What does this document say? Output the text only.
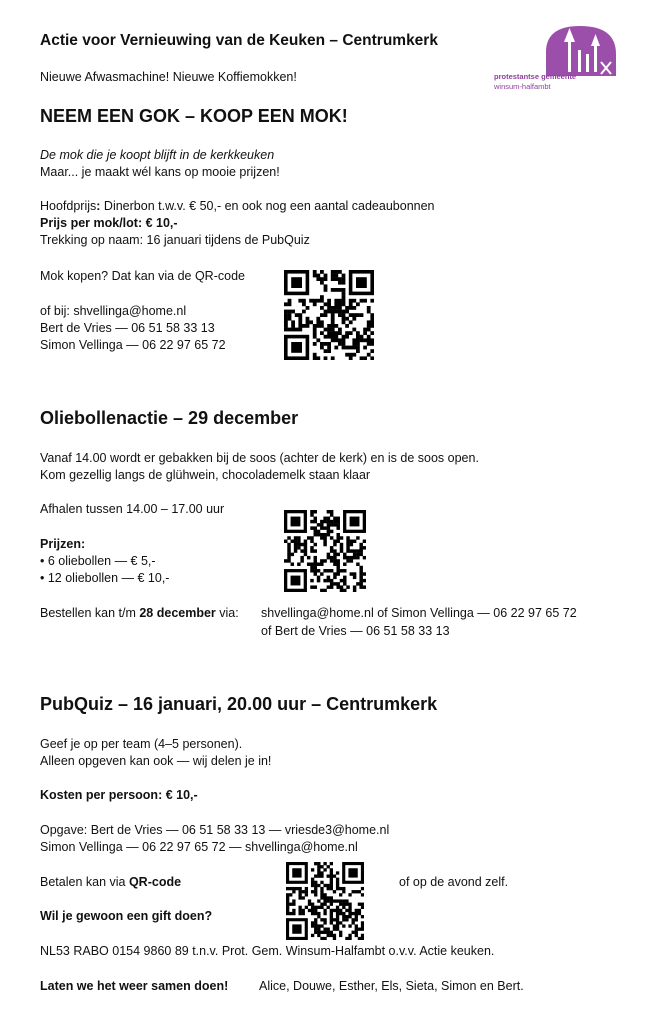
protestantse gemeente
winsum-halfambt
Actie voor Vernieuwing van de Keuken – Centrumkerk
Nieuwe Afwasmachine! Nieuwe Koffiemokken!
NEEM EEN GOK – KOOP EEN MOK!
De mok die je koopt blijft in de kerkkeuken
Maar... je maakt wél kans op mooie prijzen!
Hoofdprijs: Dinerbon t.w.v. € 50,- en ook nog een aantal cadeaubonnen
Prijs per mok/lot: € 10,-
Trekking op naam: 16 januari tijdens de PubQuiz
Mok kopen? Dat kan via de QR-code
of bij: shvellinga@home.nl
Bert de Vries — 06 51 58 33 13
Simon Vellinga — 06 22 97 65 72
Oliebollenactie – 29 december
Vanaf 14.00 wordt er gebakken bij de soos (achter de kerk) en is de soos open.
Kom gezellig langs de glühwein, chocolademelk staan klaar
Afhalen tussen 14.00 – 17.00 uur
Prijzen:
• 6 oliebollen — € 5,-
• 12 oliebollen — € 10,-
Bestellen kan t/m 28 december via: shvellinga@home.nl of Simon Vellinga — 06 22 97 65 72
of Bert de Vries — 06 51 58 33 13
PubQuiz – 16 januari, 20.00 uur – Centrumkerk
Geef je op per team (4–5 personen).
Alleen opgeven kan ook — wij delen je in!
Kosten per persoon: € 10,-
Opgave: Bert de Vries — 06 51 58 33 13 — vriesde3@home.nl
Simon Vellinga — 06 22 97 65 72 — shvellinga@home.nl
Betalen kan via QR-code	of op de avond zelf.
Wil je gewoon een gift doen?
NL53 RABO 0154 9860 89 t.n.v. Prot. Gem. Winsum-Halfambt o.v.v. Actie keuken.
Laten we het weer samen doen! Alice, Douwe, Esther, Els, Sieta, Simon en Bert.
